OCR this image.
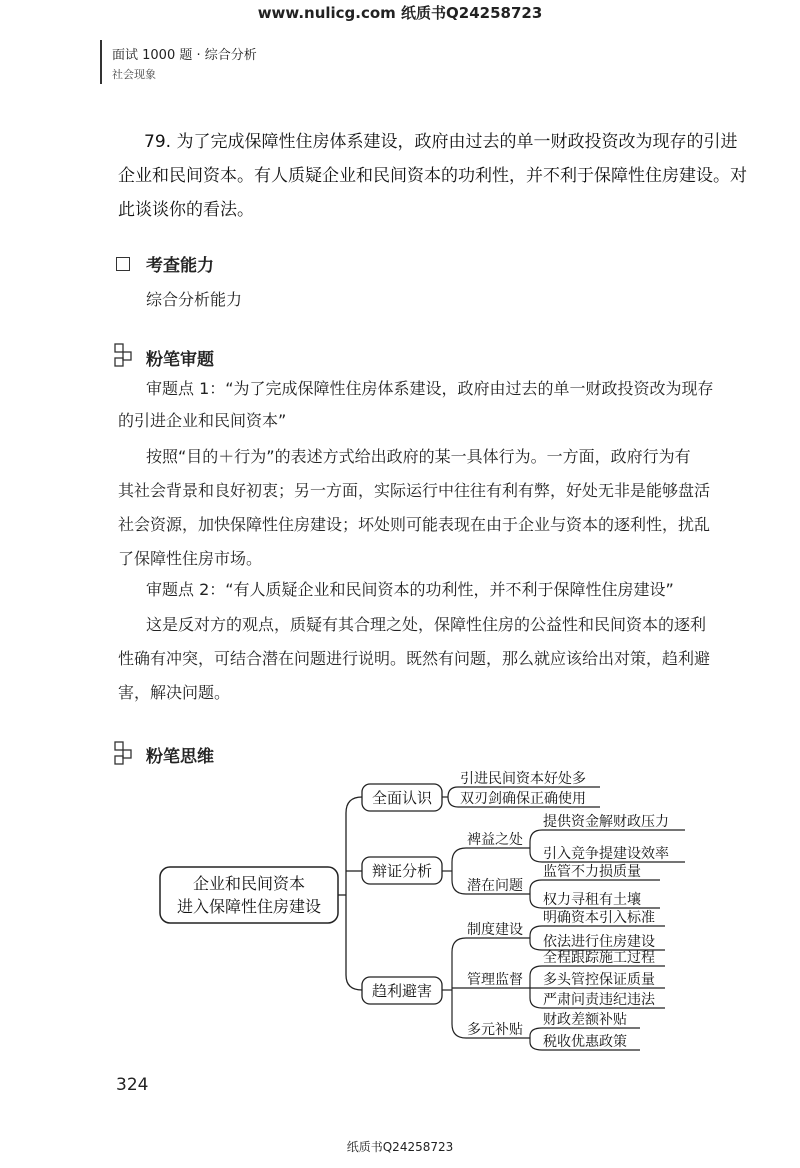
www.nulicg.com 纸质书Q24258723
面试 1000 题 · 综合分析
社会现象
79. 为了完成保障性住房体系建设，政府由过去的单一财政投资改为现存的引进
企业和民间资本。有人质疑企业和民间资本的功利性，并不利于保障性住房建设。对
此谈谈你的看法。
考查能力
综合分析能力
粉笔审题
审题点 1：“为了完成保障性住房体系建设，政府由过去的单一财政投资改为现存
的引进企业和民间资本”
按照“目的＋行为”的表述方式给出政府的某一具体行为。一方面，政府行为有
其社会背景和良好初衷；另一方面，实际运行中往往有利有弊，好处无非是能够盘活
社会资源，加快保障性住房建设；坏处则可能表现在由于企业与资本的逐利性，扰乱
了保障性住房市场。
审题点 2：“有人质疑企业和民间资本的功利性，并不利于保障性住房建设”
这是反对方的观点，质疑有其合理之处，保障性住房的公益性和民间资本的逐利
性确有冲突，可结合潜在问题进行说明。既然有问题，那么就应该给出对策，趋利避
害，解决问题。
粉笔思维
企业和民间资本
进入保障性住房建设
全面认识
引进民间资本好处多
双刃剑确保正确使用
辩证分析
裨益之处
潜在问题
提供资金解财政压力
引入竞争提建设效率
监管不力损质量
权力寻租有土壤
趋利避害
制度建设
管理监督
多元补贴
明确资本引入标准
依法进行住房建设
全程跟踪施工过程
多头管控保证质量
严肃问责违纪违法
财政差额补贴
税收优惠政策
324
纸质书Q24258723
